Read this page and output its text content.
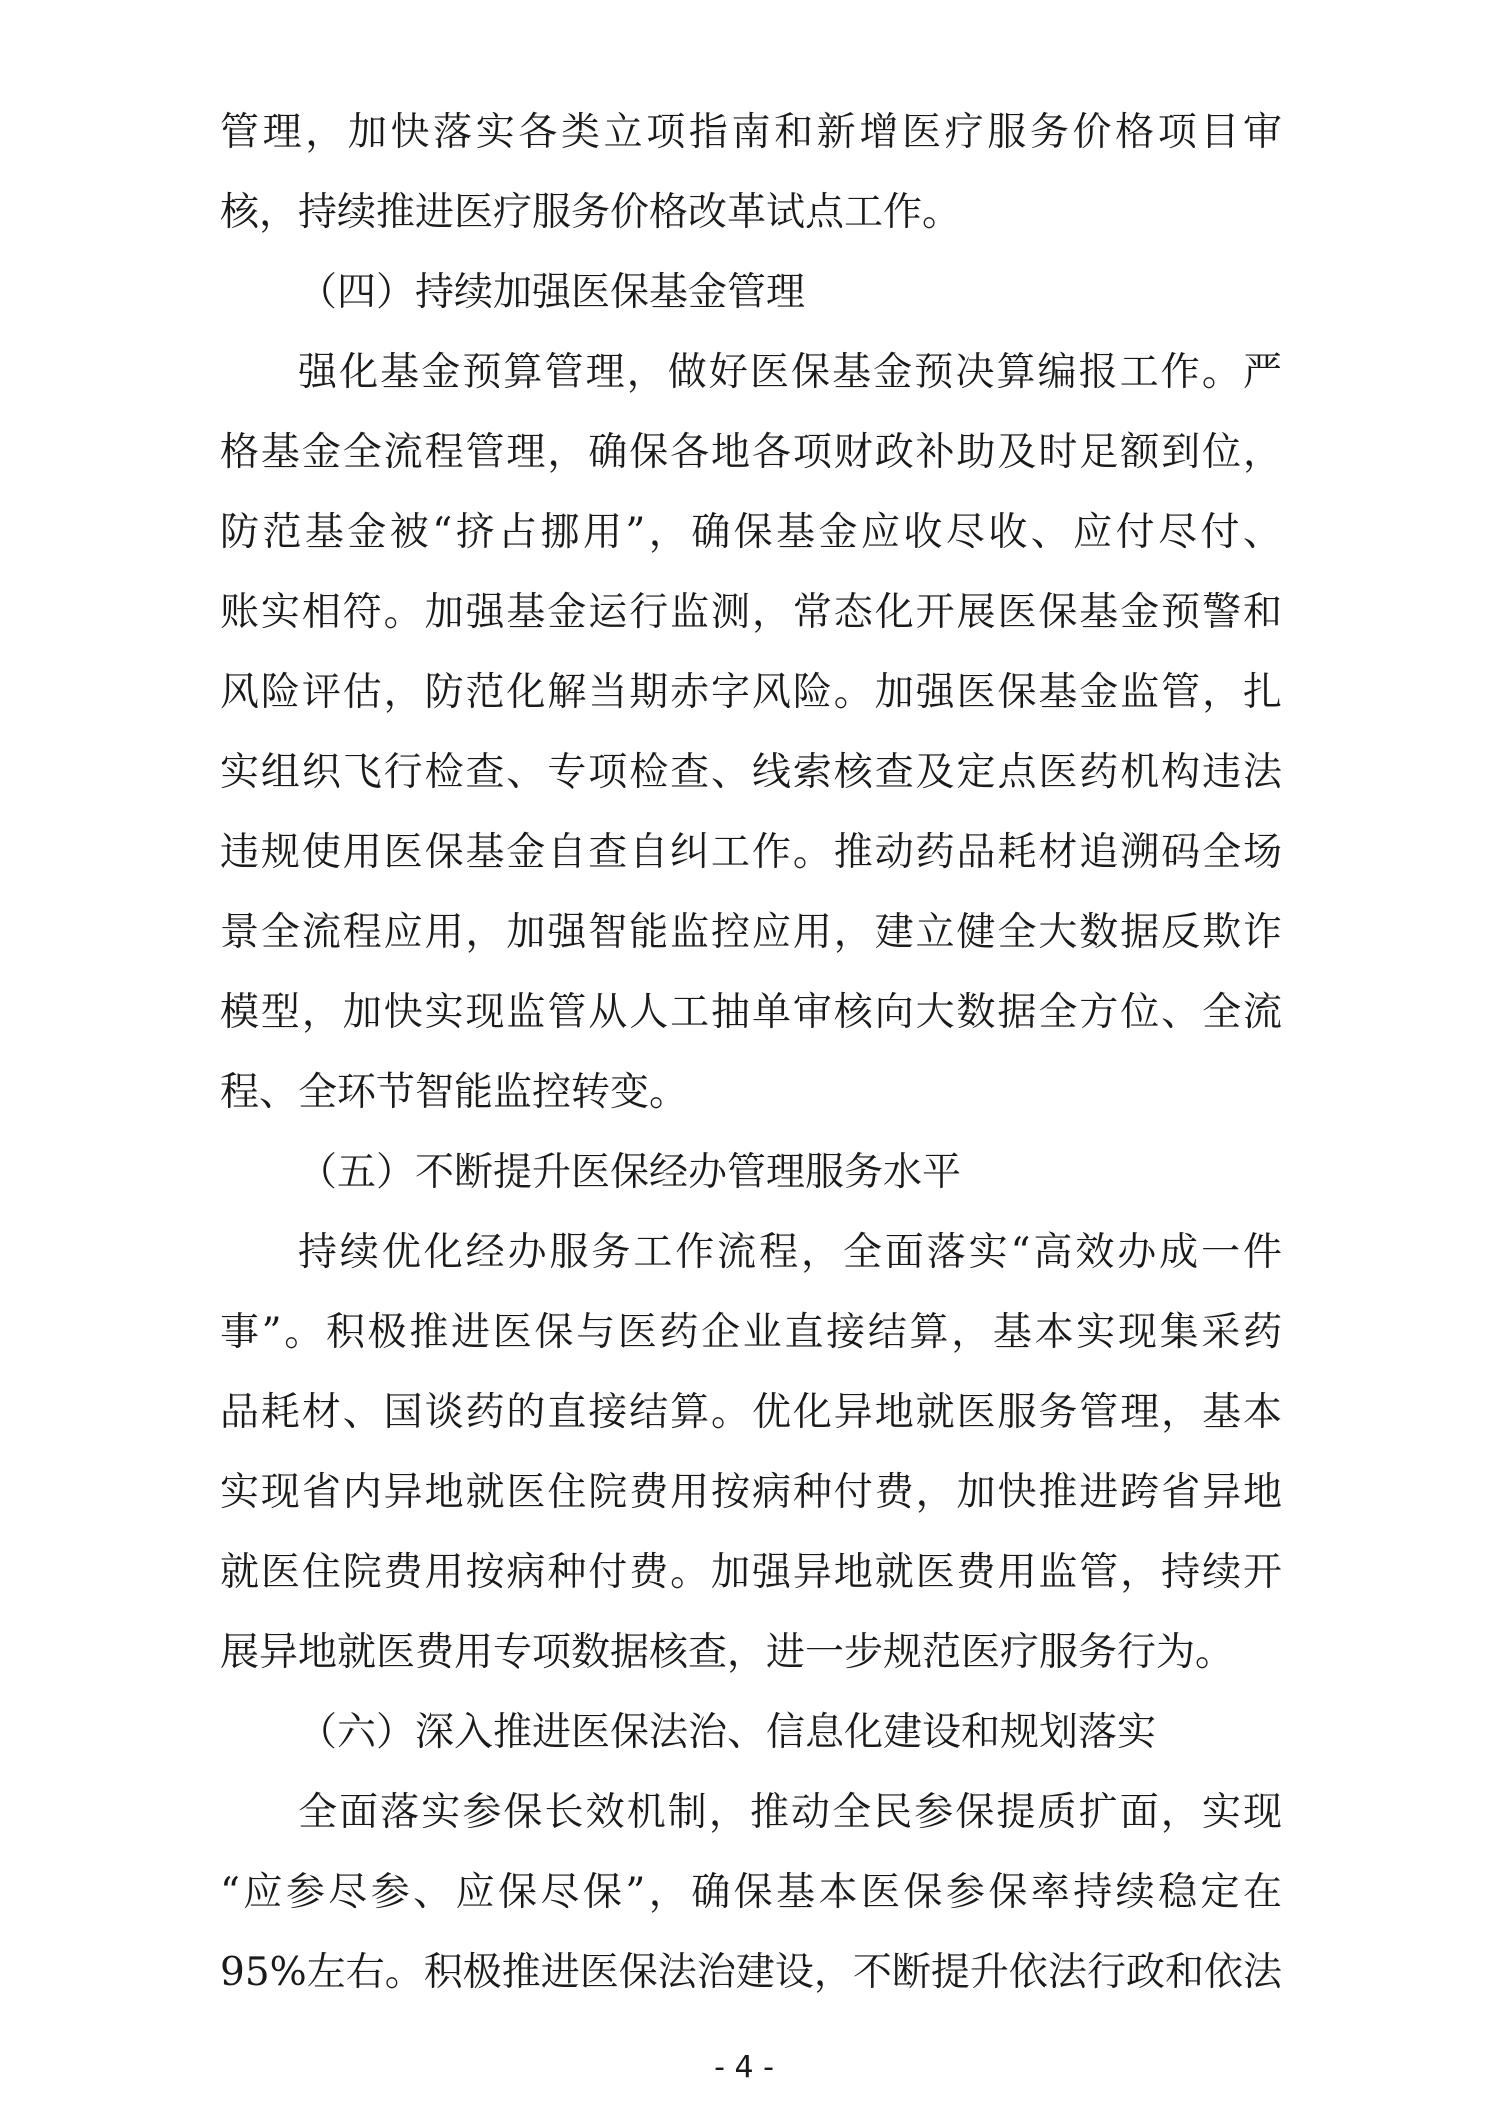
管理，加快落实各类立项指南和新增医疗服务价格项目审
核，持续推进医疗服务价格改革试点工作。
（四）持续加强医保基金管理
强化基金预算管理，做好医保基金预决算编报工作。严
格基金全流程管理，确保各地各项财政补助及时足额到位，
防范基金被“挤占挪用”，确保基金应收尽收、应付尽付、
账实相符。加强基金运行监测，常态化开展医保基金预警和
风险评估，防范化解当期赤字风险。加强医保基金监管，扎
实组织飞行检查、专项检查、线索核查及定点医药机构违法
违规使用医保基金自查自纠工作。推动药品耗材追溯码全场
景全流程应用，加强智能监控应用，建立健全大数据反欺诈
模型，加快实现监管从人工抽单审核向大数据全方位、全流
程、全环节智能监控转变。
（五）不断提升医保经办管理服务水平
持续优化经办服务工作流程，全面落实“高效办成一件
事”。积极推进医保与医药企业直接结算，基本实现集采药
品耗材、国谈药的直接结算。优化异地就医服务管理，基本
实现省内异地就医住院费用按病种付费，加快推进跨省异地
就医住院费用按病种付费。加强异地就医费用监管，持续开
展异地就医费用专项数据核查，进一步规范医疗服务行为。
（六）深入推进医保法治、信息化建设和规划落实
全面落实参保长效机制，推动全民参保提质扩面，实现
“应参尽参、应保尽保”，确保基本医保参保率持续稳定在
95%左右。积极推进医保法治建设，不断提升依法行政和依法
- 4 -
